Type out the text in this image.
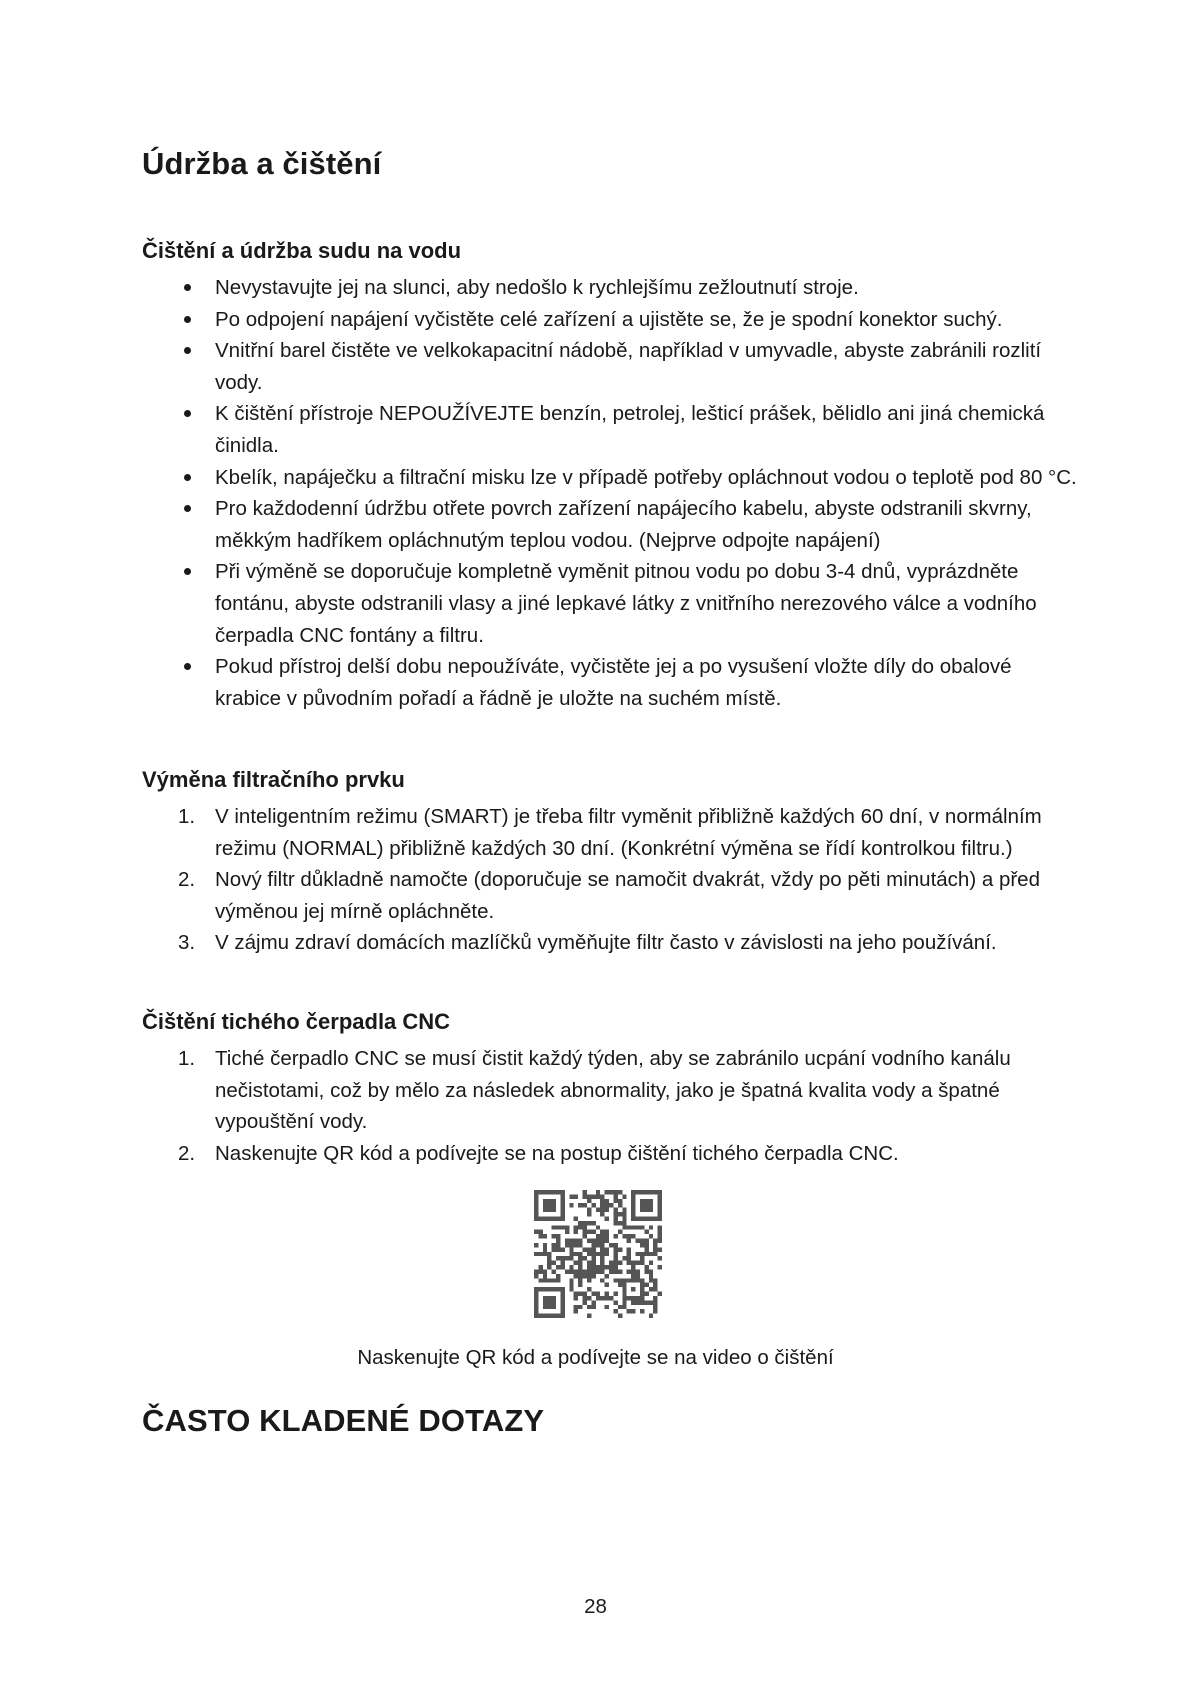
Údržba a čištění
Čištění a údržba sudu na vodu
Nevystavujte jej na slunci, aby nedošlo k rychlejšímu zežloutnutí stroje.
Po odpojení napájení vyčistěte celé zařízení a ujistěte se, že je spodní konektor suchý.
Vnitřní barel čistěte ve velkokapacitní nádobě, například v umyvadle, abyste zabránili rozlití vody.
K čištění přístroje NEPOUŽÍVEJTE benzín, petrolej, lešticí prášek, bělidlo ani jiná chemická činidla.
Kbelík, napáječku a filtrační misku lze v případě potřeby opláchnout vodou o teplotě pod 80 °C.
Pro každodenní údržbu otřete povrch zařízení napájecího kabelu, abyste odstranili skvrny, měkkým hadříkem opláchnutým teplou vodou. (Nejprve odpojte napájení)
Při výměně se doporučuje kompletně vyměnit pitnou vodu po dobu 3-4 dnů, vyprázdněte fontánu, abyste odstranili vlasy a jiné lepkavé látky z vnitřního nerezového válce a vodního čerpadla CNC fontány a filtru.
Pokud přístroj delší dobu nepoužíváte, vyčistěte jej a po vysušení vložte díly do obalové krabice v původním pořadí a řádně je uložte na suchém místě.
Výměna filtračního prvku
1. V inteligentním režimu (SMART) je třeba filtr vyměnit přibližně každých 60 dní, v normálním režimu (NORMAL) přibližně každých 30 dní. (Konkrétní výměna se řídí kontrolkou filtru.)
2. Nový filtr důkladně namočte (doporučuje se namočit dvakrát, vždy po pěti minutách) a před výměnou jej mírně opláchněte.
3. V zájmu zdraví domácích mazlíčků vyměňujte filtr často v závislosti na jeho používání.
Čištění tichého čerpadla CNC
1. Tiché čerpadlo CNC se musí čistit každý týden, aby se zabránilo ucpání vodního kanálu nečistotami, což by mělo za následek abnormality, jako je špatná kvalita vody a špatné vypouštění vody.
2. Naskenujte QR kód a podívejte se na postup čištění tichého čerpadla CNC.
Naskenujte QR kód a podívejte se na video o čištění
ČASTO KLADENÉ DOTAZY
28
